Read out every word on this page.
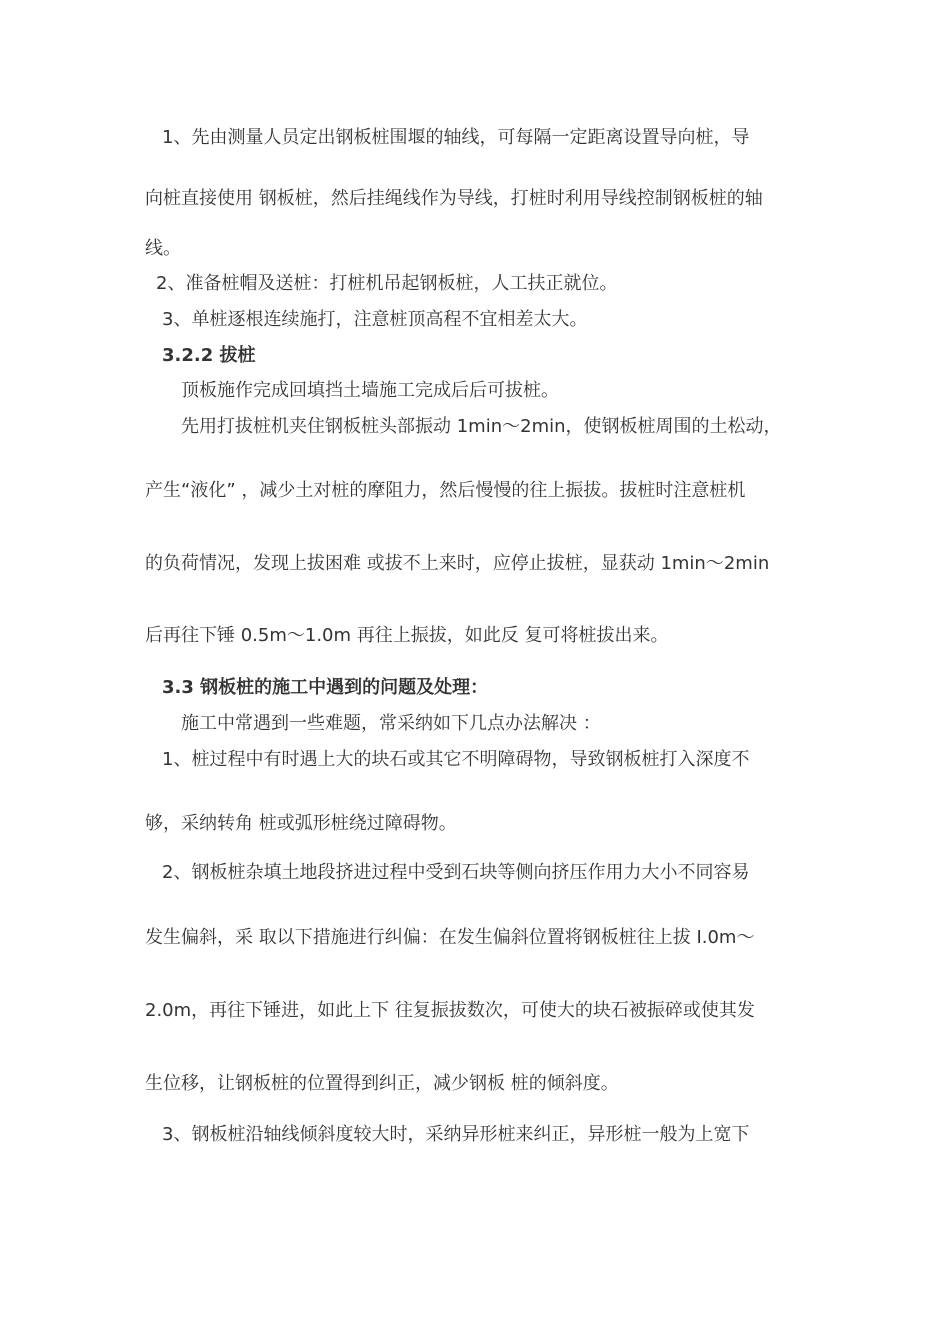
1、先由测量人员定出钢板桩围堰的轴线，可每隔一定距离设置导向桩，导

向桩直接使用 钢板桩，然后挂绳线作为导线，打桩时利用导线控制钢板桩的轴

线。

2、准备桩帽及送桩：打桩机吊起钢板桩，人工扶正就位。

3、单桩逐根连续施打，注意桩顶高程不宜相差太大。

3.2.2 拔桩

顶板施作完成回填挡土墙施工完成后后可拔桩。

先用打拔桩机夹住钢板桩头部振动 1min～2min，使钢板桩周围的土松动，

产生“液化” ，减少土对桩的摩阻力，然后慢慢的往上振拔。拔桩时注意桩机

的负荷情况，发现上拔困难 或拔不上来时，应停止拔桩，显获动 1min～2min

后再往下锤 0.5m～1.0m 再往上振拔，如此反 复可将桩拔出来。

3.3 钢板桩的施工中遇到的问题及处理：

施工中常遇到一些难题，常采纳如下几点办法解决 ：

1、桩过程中有时遇上大的块石或其它不明障碍物，导致钢板桩打入深度不

够，采纳转角 桩或弧形桩绕过障碍物。

2、钢板桩杂填土地段挤进过程中受到石块等侧向挤压作用力大小不同容易

发生偏斜，采 取以下措施进行纠偏：在发生偏斜位置将钢板桩往上拔 I.0m～

2.0m，再往下锤进，如此上下 往复振拔数次，可使大的块石被振碎或使其发

生位移，让钢板桩的位置得到纠正，减少钢板 桩的倾斜度。

3、钢板桩沿轴线倾斜度较大时，采纳异形桩来纠正，异形桩一般为上宽下
